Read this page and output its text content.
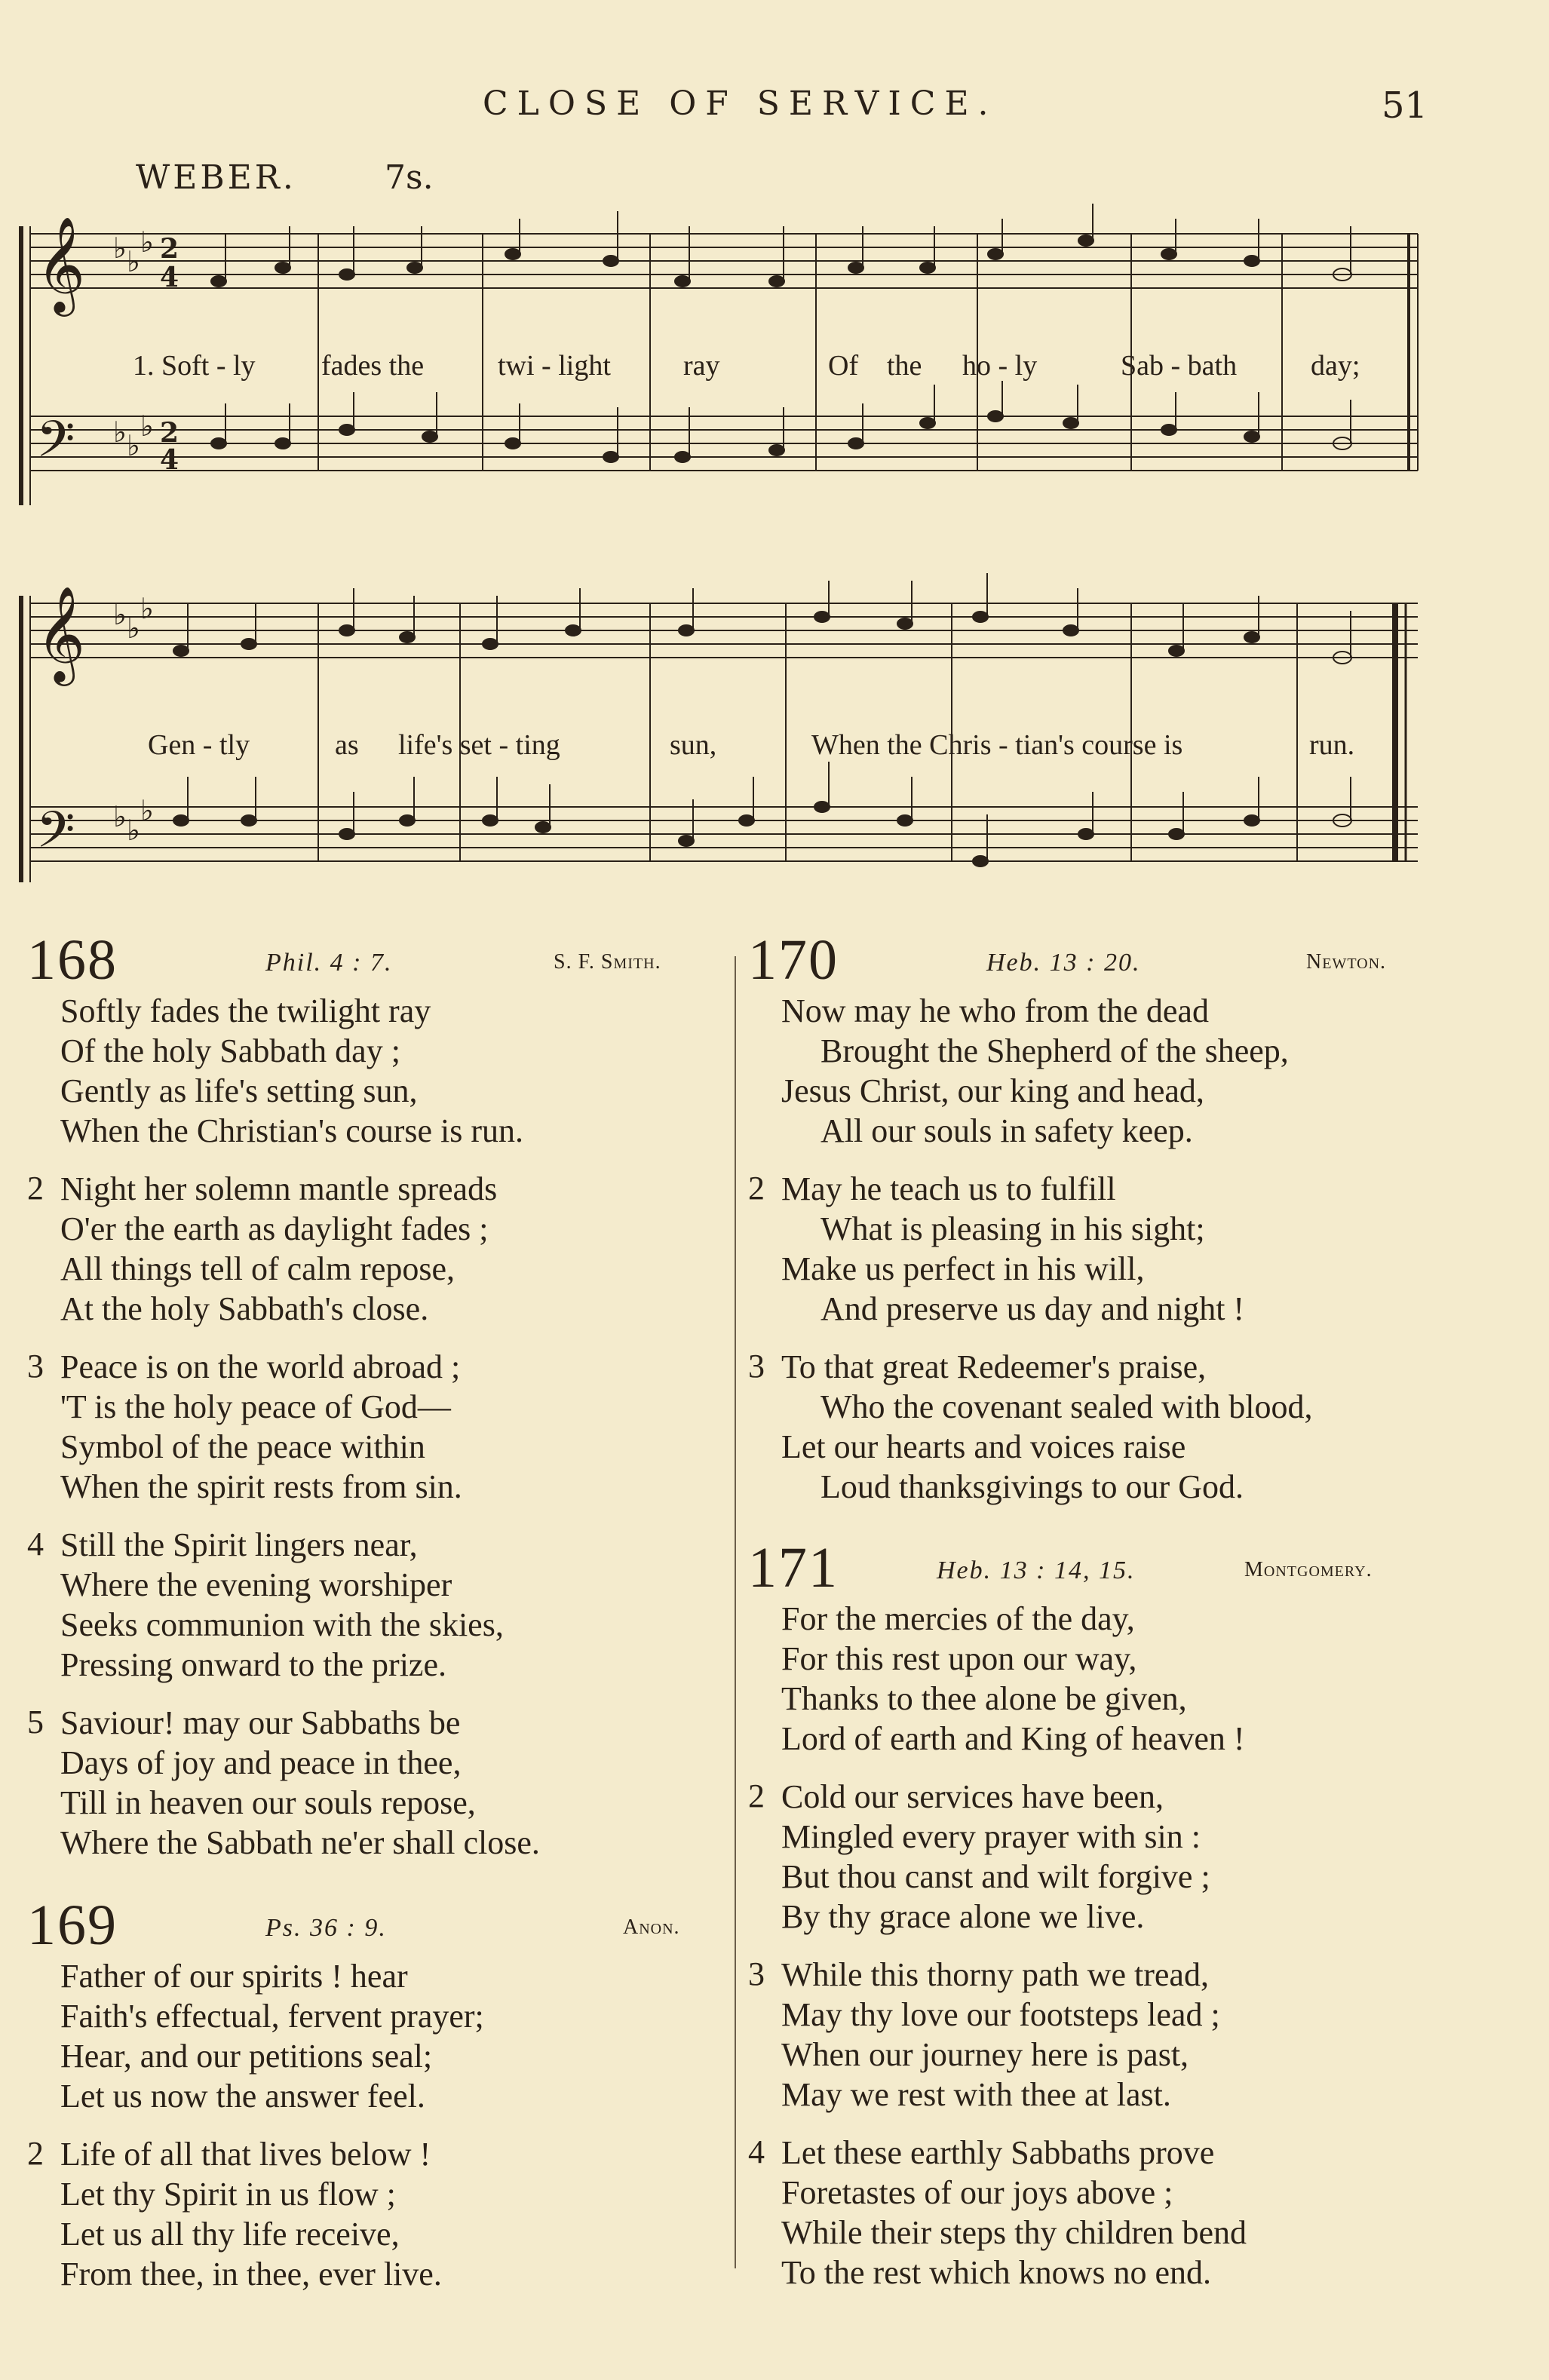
CLOSE OF SERVICE.	51
WEBER.	7s.
𝄞
𝄢
𝄞
𝄢
♭ ♭
♭
♭ ♭
♭
♭ ♭
♭
♭ ♭
♭
2
4
2
4
1. Soft - ly fades the	twi - light	ray	Of the ho - ly	Sab - bath	day;
Gen - tly	as life's set - ting	sun,	When the Chris - tian's course is	run.
168	Phil. 4 : 7.	S. F. Smith.
Softly fades the twilight ray
Of the holy Sabbath day ;
Gently as life's setting sun,
When the Christian's course is run.
2 Night her solemn mantle spreads
O'er the earth as daylight fades ;
All things tell of calm repose,
At the holy Sabbath's close.
3 Peace is on the world abroad ;
'T is the holy peace of God—
Symbol of the peace within
When the spirit rests from sin.
4 Still the Spirit lingers near,
Where the evening worshiper
Seeks communion with the skies,
Pressing onward to the prize.
5 Saviour! may our Sabbaths be
Days of joy and peace in thee,
Till in heaven our souls repose,
Where the Sabbath ne'er shall close.
169	Ps. 36 : 9.	Anon.
Father of our spirits ! hear
Faith's effectual, fervent prayer;
Hear, and our petitions seal;
Let us now the answer feel.
2 Life of all that lives below !
Let thy Spirit in us flow ;
Let us all thy life receive,
From thee, in thee, ever live.
170	Heb. 13 : 20.	Newton.
Now may he who from the dead
Brought the Shepherd of the sheep,
Jesus Christ, our king and head,
All our souls in safety keep.
2 May he teach us to fulfill
What is pleasing in his sight;
Make us perfect in his will,
And preserve us day and night !
3 To that great Redeemer's praise,
Who the covenant sealed with blood,
Let our hearts and voices raise
Loud thanksgivings to our God.
171	Heb. 13 : 14, 15.	Montgomery.
For the mercies of the day,
For this rest upon our way,
Thanks to thee alone be given,
Lord of earth and King of heaven !
2 Cold our services have been,
Mingled every prayer with sin :
But thou canst and wilt forgive ;
By thy grace alone we live.
3 While this thorny path we tread,
May thy love our footsteps lead ;
When our journey here is past,
May we rest with thee at last.
4 Let these earthly Sabbaths prove
Foretastes of our joys above ;
While their steps thy children bend
To the rest which knows no end.
